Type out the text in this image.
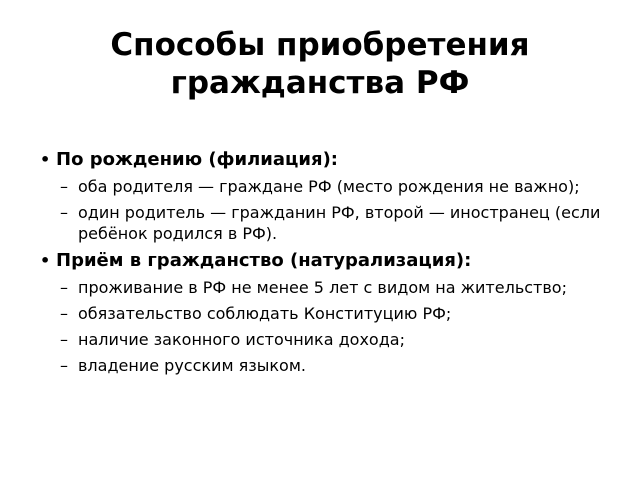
Способы приобретения
гражданства РФ
• По рождению (филиация):
– оба родителя — граждане РФ (место рождения не важно);
– один родитель — гражданин РФ, второй — иностранец (если ребёнок родился в РФ).
• Приём в гражданство (натурализация):
– проживание в РФ не менее 5 лет с видом на жительство;
– обязательство соблюдать Конституцию РФ;
– наличие законного источника дохода;
– владение русским языком.
